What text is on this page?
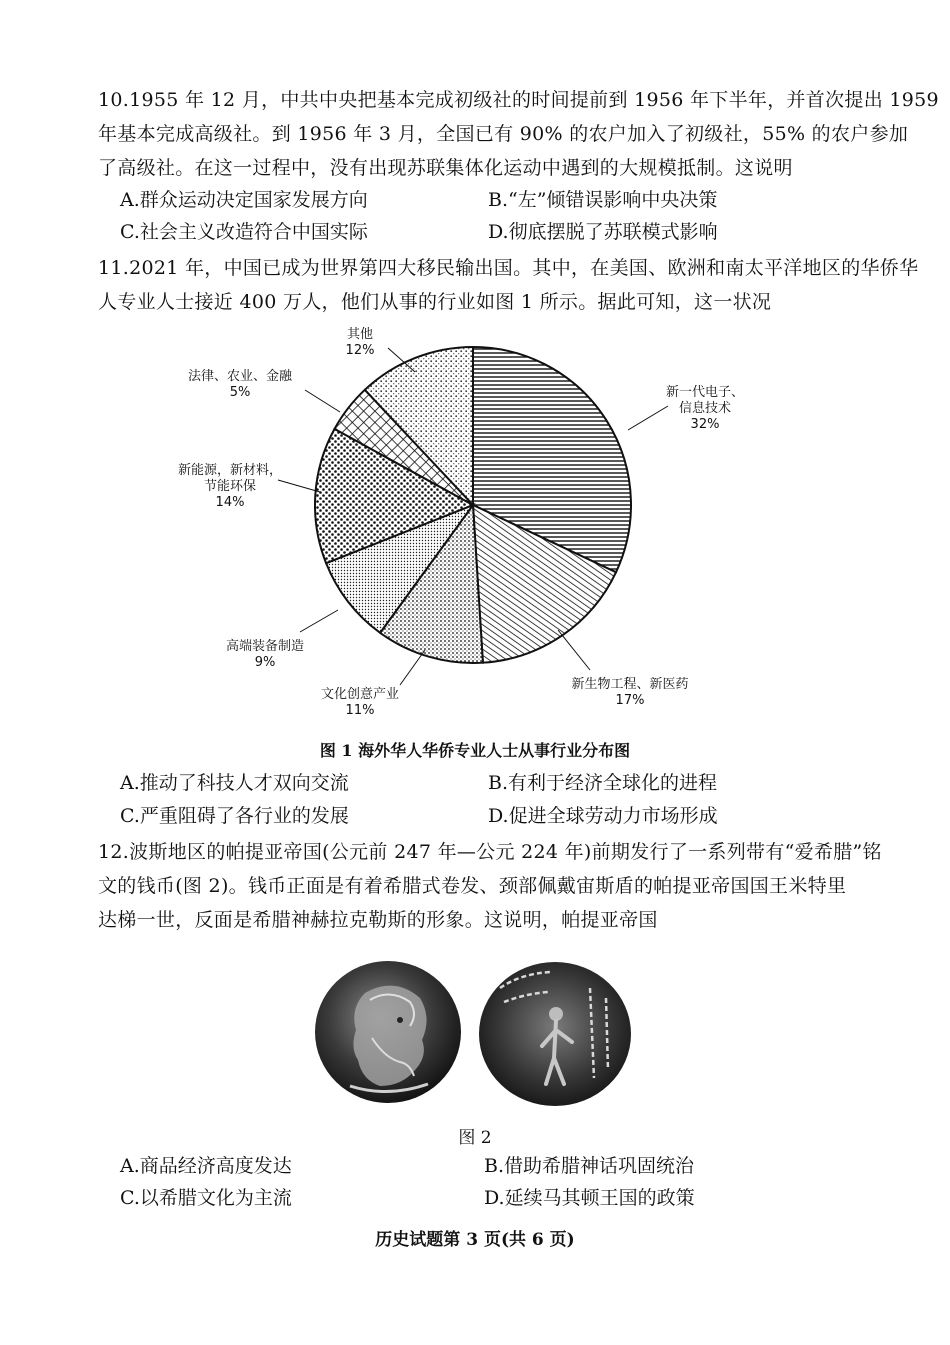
10.1955 年 12 月，中共中央把基本完成初级社的时间提前到 1956 年下半年，并首次提出 1959
年基本完成高级社。到 1956 年 3 月，全国已有 90% 的农户加入了初级社，55% 的农户参加
了高级社。在这一过程中，没有出现苏联集体化运动中遇到的大规模抵制。这说明
A.群众运动决定国家发展方向	B.“左”倾错误影响中央决策
C.社会主义改造符合中国实际	D.彻底摆脱了苏联模式影响
11.2021 年，中国已成为世界第四大移民输出国。其中，在美国、欧洲和南太平洋地区的华侨华
人专业人士接近 400 万人，他们从事的行业如图 1 所示。据此可知，这一状况
新一代电子、
信息技术
32%
新生物工程、新医药
17%
文化创意产业
11%
高端装备制造
9%
新能源，新材料，
节能环保
14%
法律、农业、金融
5%
其他
12%
图 1 海外华人华侨专业人士从事行业分布图
A.推动了科技人才双向交流	B.有利于经济全球化的进程
C.严重阻碍了各行业的发展	D.促进全球劳动力市场形成
12.波斯地区的帕提亚帝国(公元前 247 年—公元 224 年)前期发行了一系列带有“爱希腊”铭
文的钱币(图 2)。钱币正面是有着希腊式卷发、颈部佩戴宙斯盾的帕提亚帝国国王米特里
达梯一世，反面是希腊神赫拉克勒斯的形象。这说明，帕提亚帝国
图 2
A.商品经济高度发达	B.借助希腊神话巩固统治
C.以希腊文化为主流	D.延续马其顿王国的政策
历史试题第 3 页(共 6 页)
